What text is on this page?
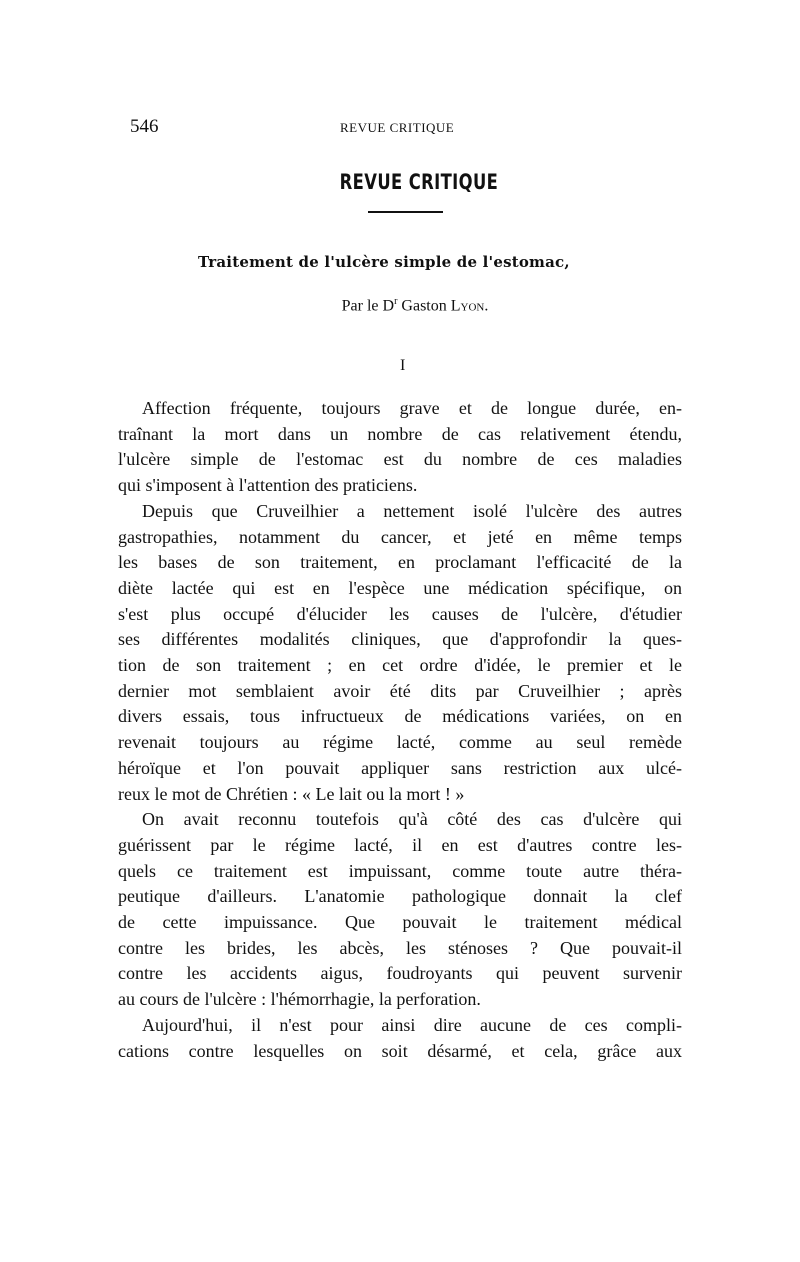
546	REVUE CRITIQUE
REVUE CRITIQUE
Traitement de l'ulcère simple de l'estomac,
Par le $D^r$ Gaston Lyon.
I

Affection fréquente, toujours grave et de longue durée, en-
traînant la mort dans un nombre de cas relativement étendu,
l'ulcère simple de l'estomac est du nombre de ces maladies
qui s'imposent à l'attention des praticiens.

Depuis que Cruveilhier a nettement isolé l'ulcère des autres
gastropathies, notamment du cancer, et jeté en même temps
les bases de son traitement, en proclamant l'efficacité de la
diète lactée qui est en l'espèce une médication spécifique, on
s'est plus occupé d'élucider les causes de l'ulcère, d'étudier
ses différentes modalités cliniques, que d'approfondir la ques-
tion de son traitement ; en cet ordre d'idée, le premier et le
dernier mot semblaient avoir été dits par Cruveilhier ; après
divers essais, tous infructueux de médications variées, on en
revenait toujours au régime lacté, comme au seul remède
héroïque et l'on pouvait appliquer sans restriction aux ulcé-
reux le mot de Chrétien : « Le lait ou la mort ! »

On avait reconnu toutefois qu'à côté des cas d'ulcère qui
guérissent par le régime lacté, il en est d'autres contre les-
quels ce traitement est impuissant, comme toute autre théra-
peutique d'ailleurs. L'anatomie pathologique donnait la clef
de cette impuissance. Que pouvait le traitement médical
contre les brides, les abcès, les sténoses ? Que pouvait-il
contre les accidents aigus, foudroyants qui peuvent survenir
au cours de l'ulcère : l'hémorrhagie, la perforation.

Aujourd'hui, il n'est pour ainsi dire aucune de ces compli-
cations contre lesquelles on soit désarmé, et cela, grâce aux
